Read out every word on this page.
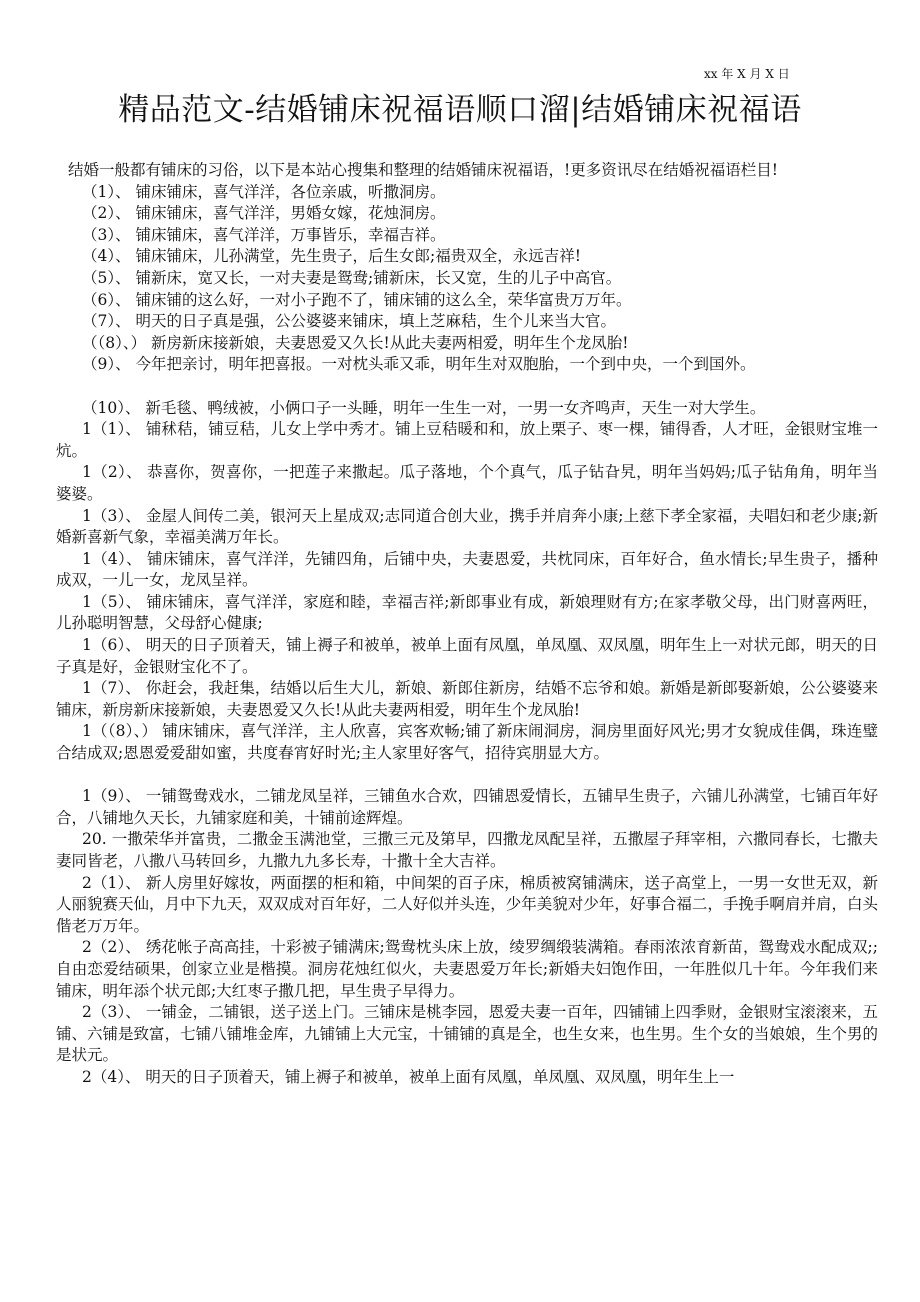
xx 年 X 月 X 日
精品范文-结婚铺床祝福语顺口溜|结婚铺床祝福语

结婚一般都有铺床的习俗，以下是本站心搜集和整理的结婚铺床祝福语，!更多资讯尽在结婚祝福语栏目!

（1）、 铺床铺床，喜气洋洋，各位亲戚，听撒洞房。

（2）、 铺床铺床，喜气洋洋，男婚女嫁，花烛洞房。

（3）、 铺床铺床，喜气洋洋，万事皆乐，幸福吉祥。

（4）、 铺床铺床，儿孙满堂，先生贵子，后生女郎;福贵双全，永远吉祥!

（5）、 铺新床，宽又长，一对夫妻是鸳鸯;铺新床，长又宽，生的儿子中高官。

（6）、 铺床铺的这么好，一对小子跑不了，铺床铺的这么全，荣华富贵万万年。

（7）、 明天的日子真是强，公公婆婆来铺床，填上芝麻秸，生个儿来当大官。

（（8）、） 新房新床接新娘，夫妻恩爱又久长!从此夫妻两相爱，明年生个龙凤胎!

（9）、 今年把亲讨，明年把喜报。一对枕头乖又乖，明年生对双胞胎，一个到中央，一个到国外。

（10）、 新毛毯、鸭绒被，小俩口子一头睡，明年一生生一对，一男一女齐鸣声，天生一对大学生。

1（1）、 铺秫秸，铺豆秸，儿女上学中秀才。铺上豆秸暖和和，放上栗子、枣一棵，铺得香，人才旺，金银财宝堆一炕。

1（2）、 恭喜你，贺喜你，一把莲子来撒起。瓜子落地，个个真气，瓜子钻旮旯，明年当妈妈;瓜子钻角角，明年当婆婆。

1（3）、 金屋人间传二美，银河天上星成双;志同道合创大业，携手并肩奔小康;上慈下孝全家福，夫唱妇和老少康;新婚新喜新气象，幸福美满万年长。

1（4）、 铺床铺床，喜气洋洋，先铺四角，后铺中央，夫妻恩爱，共枕同床，百年好合，鱼水情长;早生贵子，播种成双，一儿一女，龙凤呈祥。

1（5）、 铺床铺床，喜气洋洋，家庭和睦，幸福吉祥;新郎事业有成，新娘理财有方;在家孝敬父母，出门财喜两旺，儿孙聪明智慧，父母舒心健康;

1（6）、 明天的日子顶着天，铺上褥子和被单，被单上面有凤凰，单凤凰、双凤凰，明年生上一对状元郎，明天的日子真是好，金银财宝化不了。

1（7）、 你赶会，我赶集，结婚以后生大儿，新娘、新郎住新房，结婚不忘爷和娘。新婚是新郎娶新娘，公公婆婆来铺床，新房新床接新娘，夫妻恩爱又久长!从此夫妻两相爱，明年生个龙凤胎!

1（（8）、） 铺床铺床，喜气洋洋，主人欣喜，宾客欢畅;铺了新床闹洞房，洞房里面好风光;男才女貌成佳偶，珠连璧合结成双;恩恩爱爱甜如蜜，共度春宵好时光;主人家里好客气，招待宾朋显大方。

1（9）、 一铺鸳鸯戏水，二铺龙凤呈祥，三铺鱼水合欢，四铺恩爱情长，五铺早生贵子，六铺儿孙满堂，七铺百年好合，八铺地久天长，九铺家庭和美，十铺前途辉煌。

20. 一撒荣华并富贵，二撒金玉满池堂，三撒三元及第早，四撒龙凤配呈祥，五撒屋子拜宰相，六撒同春长，七撒夫妻同皆老，八撒八马转回乡，九撒九九多长寿，十撒十全大吉祥。

2（1）、 新人房里好嫁妆，两面摆的柜和箱，中间架的百子床，棉质被窝铺满床，送子高堂上，一男一女世无双，新人丽貌赛天仙，月中下九天，双双成对百年好，二人好似并头连，少年美貌对少年，好事合福二，手挽手啊肩并肩，白头偕老万万年。

2（2）、 绣花帐子高高挂，十彩被子铺满床;鸳鸯枕头床上放，绫罗绸缎装满箱。春雨浓浓育新苗，鸳鸯戏水配成双;;自由恋爱结硕果，创家立业是楷摸。洞房花烛红似火，夫妻恩爱万年长;新婚夫妇饱作田，一年胜似几十年。今年我们来铺床，明年添个状元郎;大红枣子撒几把，早生贵子早得力。

2（3）、 一铺金，二铺银，送子送上门。三铺床是桃李园，恩爱夫妻一百年，四铺铺上四季财，金银财宝滚滚来，五铺、六铺是致富，七铺八铺堆金库，九铺铺上大元宝，十铺铺的真是全，也生女来，也生男。生个女的当娘娘，生个男的是状元。

2（4）、 明天的日子顶着天，铺上褥子和被单，被单上面有凤凰，单凤凰、双凤凰，明年生上一
